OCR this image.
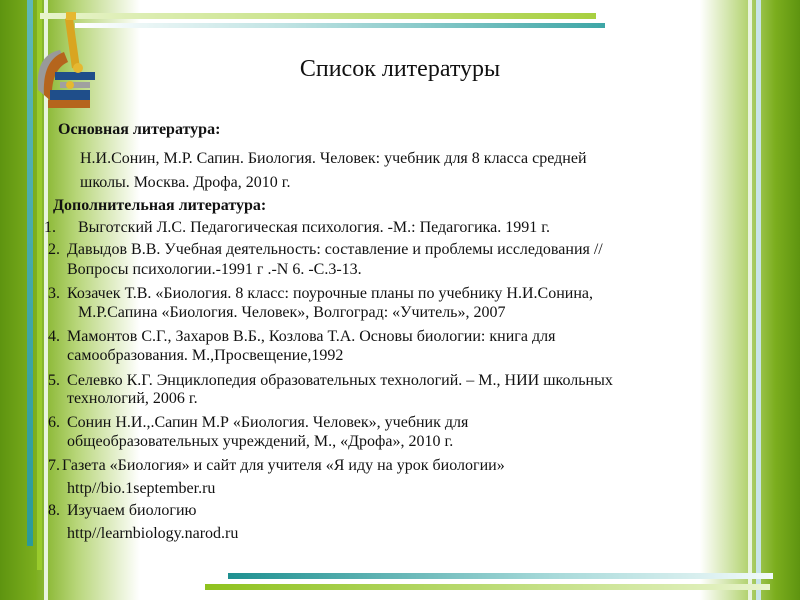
Список литературы
Основная литература:
Н.И.Сонин, М.Р. Сапин. Биология. Человек: учебник для 8 класса средней
школы. Москва. Дрофа, 2010 г.
Дополнительная литература:
1. Выготский Л.С. Педагогическая психология. -М.: Педагогика. 1991 г.
2. Давыдов В.В. Учебная деятельность: составление и проблемы исследования //
Вопросы психологии.-1991 г .-N 6. -С.3-13.
3. Козачек Т.В. «Биология. 8 класс: поурочные планы по учебнику Н.И.Сонина,
М.Р.Сапина «Биология. Человек», Волгоград: «Учитель», 2007
4. Мамонтов С.Г., Захаров В.Б., Козлова Т.А. Основы биологии: книга для
самообразования. М.,Просвещение,1992
5. Селевко К.Г. Энциклопедия образовательных технологий. – М., НИИ школьных
технологий, 2006 г.
6. Сонин Н.И.,.Сапин М.Р «Биология. Человек», учебник для
общеобразовательных учреждений, М., «Дрофа», 2010 г.
7. Газета «Биология» и сайт для учителя «Я иду на урок биологии»
http//bio.1september.ru
8. Изучаем биологию
http//learnbiology.narod.ru
